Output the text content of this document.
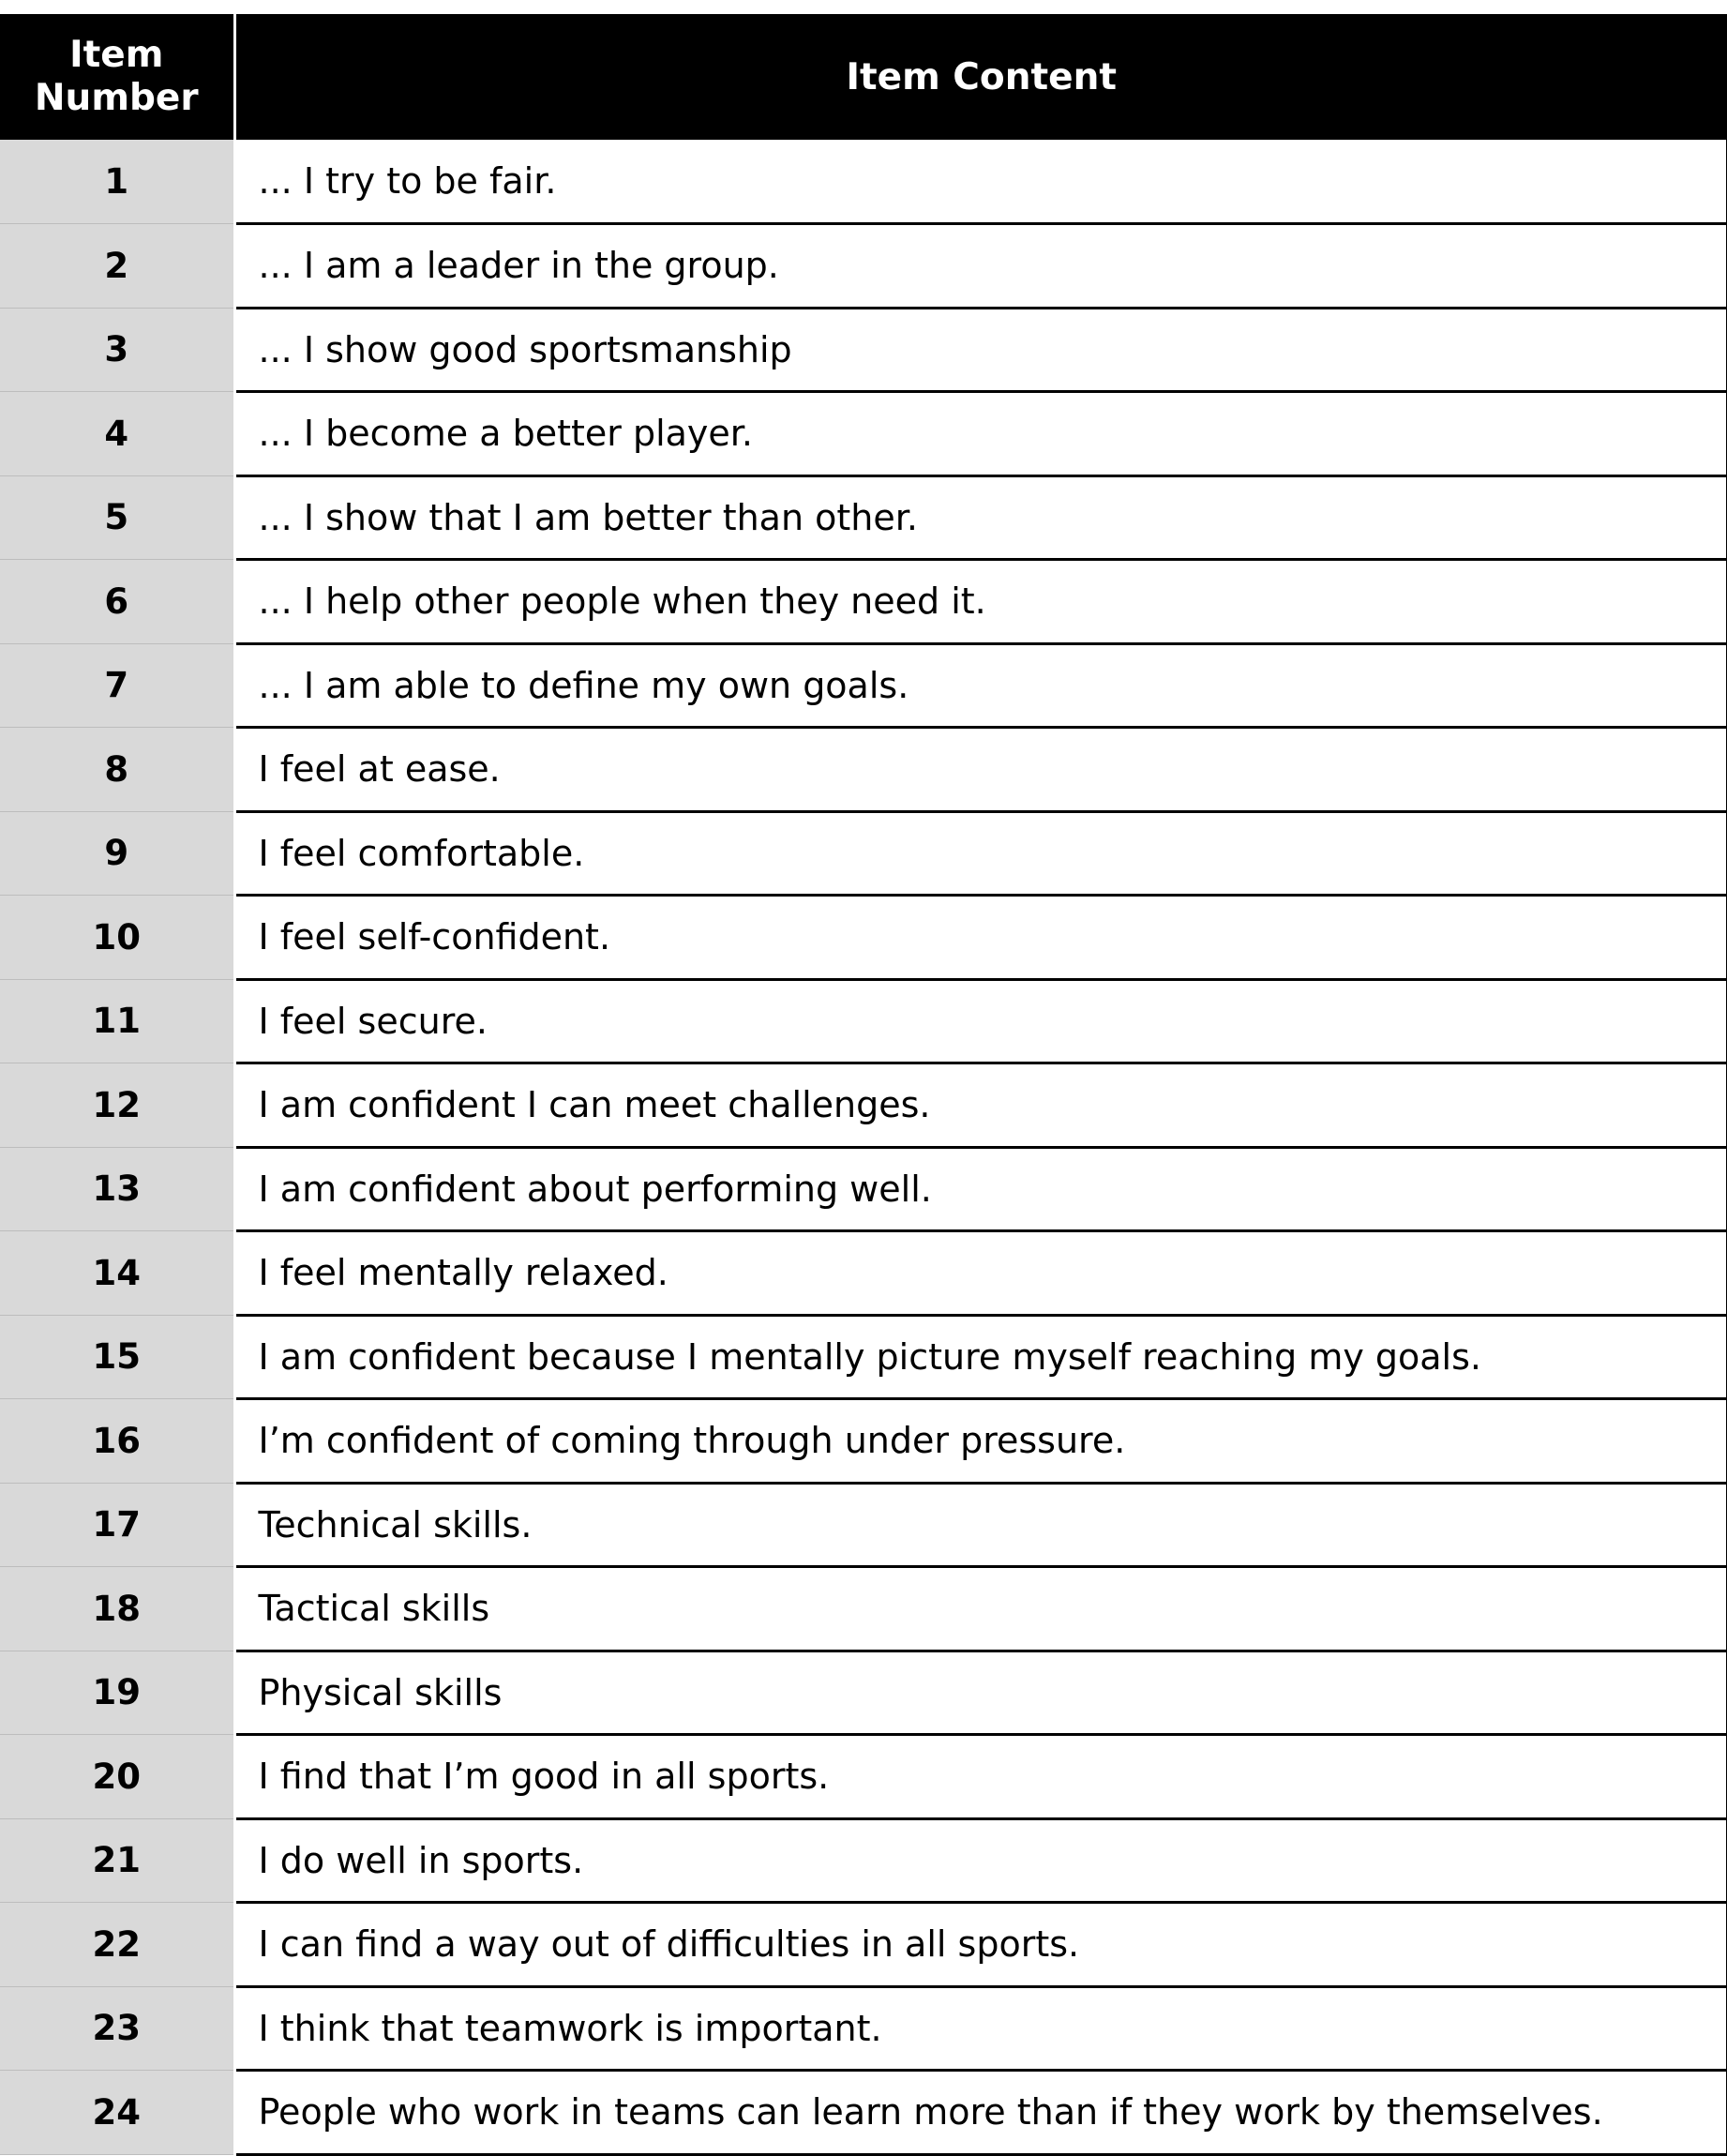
Item
Number	Item Content
1	... I try to be fair.
2	... I am a leader in the group.
3	... I show good sportsmanship
4	... I become a better player.
5	... I show that I am better than other.
6	... I help other people when they need it.
7	... I am able to define my own goals.
8	I feel at ease.
9	I feel comfortable.
10	I feel self-confident.
11	I feel secure.
12	I am confident I can meet challenges.
13	I am confident about performing well.
14	I feel mentally relaxed.
15	I am confident because I mentally picture myself reaching my goals.
16	I’m confident of coming through under pressure.
17	Technical skills.
18	Tactical skills
19	Physical skills
20	I find that I’m good in all sports.
21	I do well in sports.
22	I can find a way out of difficulties in all sports.
23	I think that teamwork is important.
24	People who work in teams can learn more than if they work by themselves.
